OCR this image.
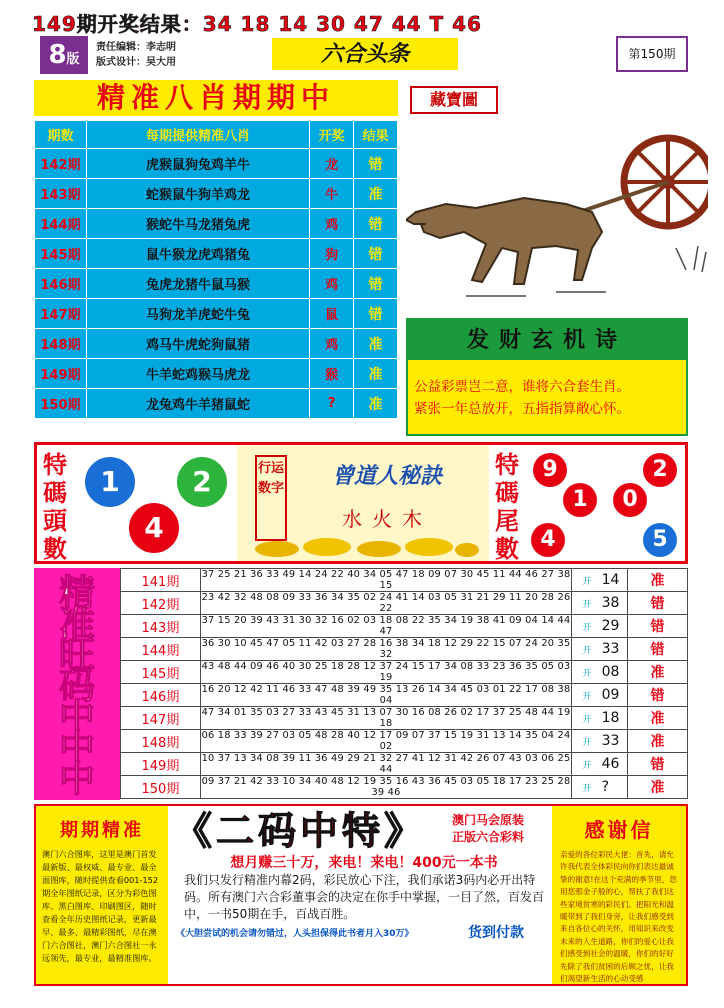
149期开奖结果：34 18 14 30 47 44 T 46
8版
责任编辑：李志明
版式设计：吴大用	六合头条	第150期
精准八肖期期中	藏寶圖
期数	每期提供精准八肖	开奖	结果
142期	虎猴鼠狗兔鸡羊牛	龙	错
143期	蛇猴鼠牛狗羊鸡龙	牛	准
144期	猴蛇牛马龙猪兔虎	鸡	错
145期	鼠牛猴龙虎鸡猪兔	狗	错
146期	兔虎龙猪牛鼠马猴	鸡	错
147期	马狗龙羊虎蛇牛兔	鼠	错
148期	鸡马牛虎蛇狗鼠猪	鸡	准
149期	牛羊蛇鸡猴马虎龙	猴	准
150期	龙兔鸡牛羊猪鼠蛇	?	准
发财玄机诗
公益彩票岂二意，谁将六合套生肖。
紧张一年总放开，五指指算敞心怀。
特碼頭數
1	2
4
行运数字	曾道人秘訣
水火木
特碼尾數
9	2
1	0
4	5
精
准
旺
码
中
中
中
141期	37 25 21 36 33 49 14 24 22 40 34 05 47 18 09 07 30 45 11 44 46 27 38 15	开	14	准
142期	23 42 32 48 08 09 33 36 34 35 02 24 41 14 03 05 31 21 29 11 20 28 26 22	开	38	错
143期	37 15 20 39 43 31 30 32 16 02 03 18 08 22 35 34 19 38 41 09 04 14 44 47	开	29	错
144期	36 30 10 45 47 05 11 42 03 27 28 16 38 34 18 12 29 22 15 07 24 20 35 32	开	33	错
145期	43 48 44 09 46 40 30 25 18 28 12 37 24 15 17 34 08 33 23 36 35 05 03 19	开	08	准
146期	16 20 12 42 11 46 33 47 48 39 49 35 13 26 14 34 45 03 01 22 17 08 38 04	开	09	错
147期	47 34 01 35 03 27 33 43 45 31 13 07 30 16 08 26 02 17 37 25 48 44 19 18	开	18	准
148期	06 18 33 39 27 03 05 48 28 40 12 17 09 07 37 15 19 31 13 14 35 04 24 02	开	33	准
149期	10 37 13 34 08 39 11 36 49 29 21 32 27 41 12 31 42 26 07 43 03 06 25 44	开	46	错
150期	09 37 21 42 33 10 34 40 48 12 19 35 16 43 36 45 03 05 18 17 23 25 28 39 46	开	?	准
期期精准

澳门六合图库，这里是澳门首发最新版、最权威、最专业、最全面图库，随时提供查看001-152期全年图纸记录，区分为彩色图库、黑白图库、印刷图区，随时查看全年历史图纸记录，更新最早、最多、最精彩图纸，尽在澳门六合图社，澳门六合图社一永远领先，最专业，最精准图库。

《二码中特》	澳门马会原装
正版六合彩料
想月赚三十万，来电！来电！400元一本书
我们只发行精准内幕2码，彩民放心下注，我们承诺3码内必开出特码。所有澳门六合彩董事会的决定在你手中掌握，一目了然，百发百中，一书50期在手，百战百胜。
《大胆尝试的机会请勿错过，人头担保得此书者月入30万》	货到付款
感谢信

亲爱的各位彩民大佬：首先，请允许我代表全体彩民向你们表达最诚挚的谢意!在这个充满的季节里，您用您那金子般的心，帮扶了我们这些家境贫寒的彩民们。把阳光和温暖带到了我们身旁，让我们感受到来自各位心的关怀，用知识来改变未来的人生道路，你们的爱心让我们感受到社会的温暖，你们的好好先除了我们贫困的后顾之忧，让我们渴望新生活的心动受感
